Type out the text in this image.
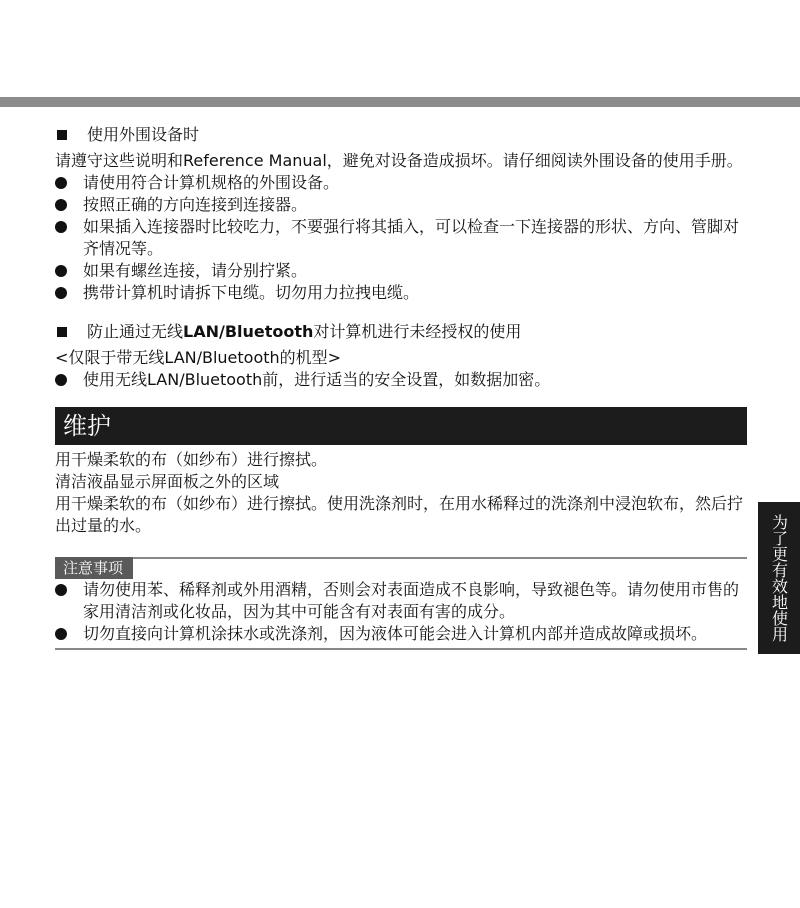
使用外围设备时

请遵守这些说明和Reference Manual，避免对设备造成损坏。请仔细阅读外围设备的使用手册。

请使用符合计算机规格的外围设备。
按照正确的方向连接到连接器。
如果插入连接器时比较吃力，不要强行将其插入，可以检查一下连接器的形状、方向、管脚对齐情况等。
如果有螺丝连接，请分别拧紧。
携带计算机时请拆下电缆。切勿用力拉拽电缆。
防止通过无线 LAN/Bluetooth 对计算机进行未经授权的使用

<仅限于带无线LAN/Bluetooth的机型>

使用无线LAN/Bluetooth前，进行适当的安全设置，如数据加密。
维护

用干燥柔软的布（如纱布）进行擦拭。

清洁液晶显示屏面板之外的区域

用干燥柔软的布（如纱布）进行擦拭。使用洗涤剂时，在用水稀释过的洗涤剂中浸泡软布，然后拧出过量的水。

注意事项
请勿使用苯、稀释剂或外用酒精，否则会对表面造成不良影响，导致褪色等。请勿使用市售的家用清洁剂或化妆品，因为其中可能含有对表面有害的成分。
切勿直接向计算机涂抹水或洗涤剂，因为液体可能会进入计算机内部并造成故障或损坏。	为了更有效地使用
